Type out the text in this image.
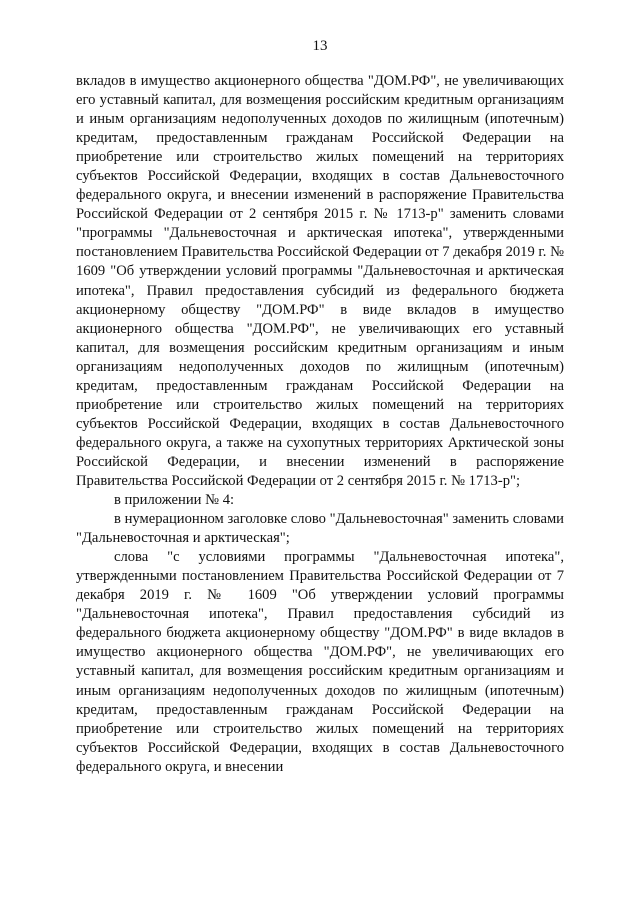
13

вкладов в имущество акционерного общества "ДОМ.РФ", не увеличивающих его уставный капитал, для возмещения российским кредитным организациям и иным организациям недополученных доходов по жилищным (ипотечным) кредитам, предоставленным гражданам Российской Федерации на приобретение или строительство жилых помещений на территориях субъектов Российской Федерации, входящих в состав Дальневосточного федерального округа, и внесении изменений в распоряжение Правительства Российской Федерации от 2 сентября 2015 г. № 1713-р" заменить словами "программы "Дальневосточная и арктическая ипотека", утвержденными постановлением Правительства Российской Федерации от 7 декабря 2019 г. № 1609 "Об утверждении условий программы "Дальневосточная и арктическая ипотека", Правил предоставления субсидий из федерального бюджета акционерному обществу "ДОМ.РФ" в виде вкладов в имущество акционерного общества "ДОМ.РФ", не увеличивающих его уставный капитал, для возмещения российским кредитным организациям и иным организациям недополученных доходов по жилищным (ипотечным) кредитам, предоставленным гражданам Российской Федерации на приобретение или строительство жилых помещений на территориях субъектов Российской Федерации, входящих в состав Дальневосточного федерального округа, а также на сухопутных территориях Арктической зоны Российской Федерации, и внесении изменений в распоряжение Правительства Российской Федерации от 2 сентября 2015 г. № 1713-р";

в приложении № 4:

в нумерационном заголовке слово "Дальневосточная" заменить словами "Дальневосточная и арктическая";

слова "с условиями программы "Дальневосточная ипотека", утвержденными постановлением Правительства Российской Федерации от 7 декабря 2019 г. № 1609 "Об утверждении условий программы "Дальневосточная ипотека", Правил предоставления субсидий из федерального бюджета акционерному обществу "ДОМ.РФ" в виде вкладов в имущество акционерного общества "ДОМ.РФ", не увеличивающих его уставный капитал, для возмещения российским кредитным организациям и иным организациям недополученных доходов по жилищным (ипотечным) кредитам, предоставленным гражданам Российской Федерации на приобретение или строительство жилых помещений на территориях субъектов Российской Федерации, входящих в состав Дальневосточного федерального округа, и внесении
